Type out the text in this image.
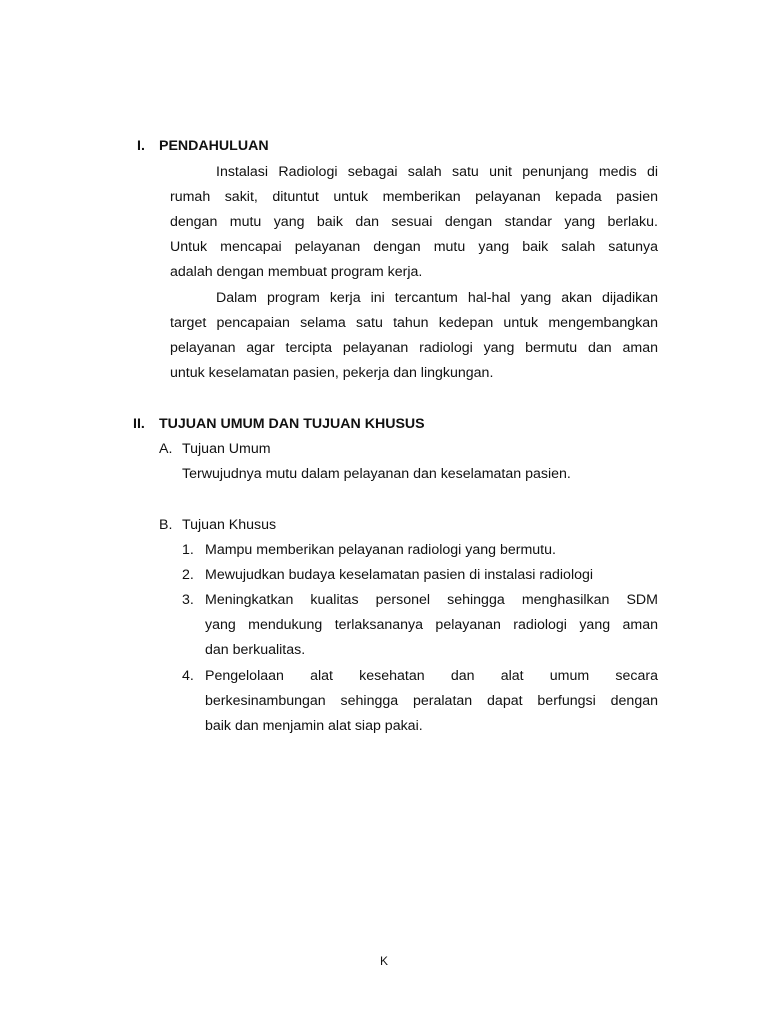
I. PENDAHULUAN
Instalasi Radiologi sebagai salah satu unit penunjang medis di
rumah sakit, dituntut untuk memberikan pelayanan kepada pasien
dengan mutu yang baik dan sesuai dengan standar yang berlaku.
Untuk mencapai pelayanan dengan mutu yang baik salah satunya
adalah dengan membuat program kerja.
Dalam program kerja ini tercantum hal-hal yang akan dijadikan
target pencapaian selama satu tahun kedepan untuk mengembangkan
pelayanan agar tercipta pelayanan radiologi yang bermutu dan aman
untuk keselamatan pasien, pekerja dan lingkungan.
II. TUJUAN UMUM DAN TUJUAN KHUSUS
A. Tujuan Umum
Terwujudnya mutu dalam pelayanan dan keselamatan pasien.
B. Tujuan Khusus
1. Mampu memberikan pelayanan radiologi yang bermutu.
2. Mewujudkan budaya keselamatan pasien di instalasi radiologi
3. Meningkatkan kualitas personel sehingga menghasilkan SDM
yang mendukung terlaksananya pelayanan radiologi yang aman
dan berkualitas.
4. Pengelolaan alat kesehatan dan alat umum secara
berkesinambungan sehingga peralatan dapat berfungsi dengan
baik dan menjamin alat siap pakai.
K
